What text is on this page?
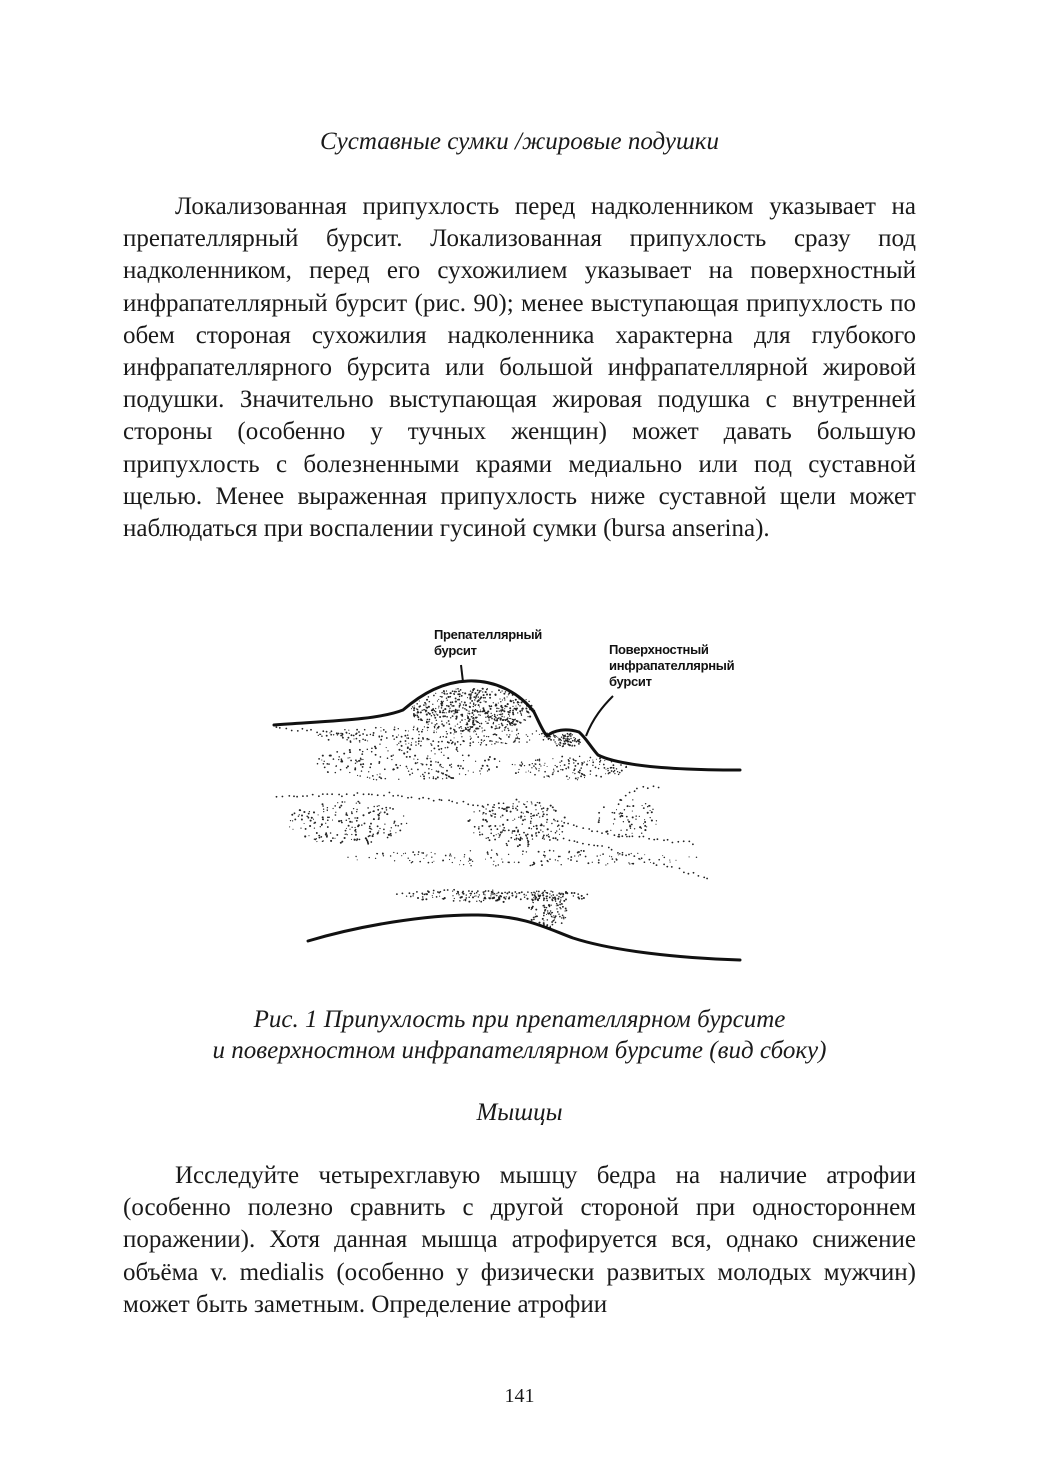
Суставные сумки /жировые подушки

Локализованная припухлость перед надколенником указывает на препателлярный бурсит. Локализованная припухлость сразу под надколенником, перед его сухожилием указывает на поверхностный инфрапателлярный бурсит (рис. 90); менее выступающая припухлость по обем стороная сухожилия надколенника характерна для глубокого инфрапателлярного бурсита или большой инфрапателлярной жировой подушки. Значительно выступающая жировая подушка с внутренней стороны (особенно у тучных женщин) может давать большую припухлость с болезненными краями медиально или под суставной щелью. Менее выраженная припухлость ниже суставной щели может наблюдаться при воспалении гусиной сумки (bursa anserina).

Препателлярный
бурсит	Поверхностный
инфрапателлярный
бурсит
Рис. 1 Припухлость при препателлярном бурсите
и поверхностном инфрапателлярном бурсите (вид сбоку)
Мышцы

Исследуйте четырехглавую мышцу бедра на наличие атрофии (особенно полезно сравнить с другой стороной при одностороннем поражении). Хотя данная мышца атрофируется вся, однако снижение объёма v. medialis (особенно у физически развитых молодых мужчин) может быть заметным. Определение атрофии

141
